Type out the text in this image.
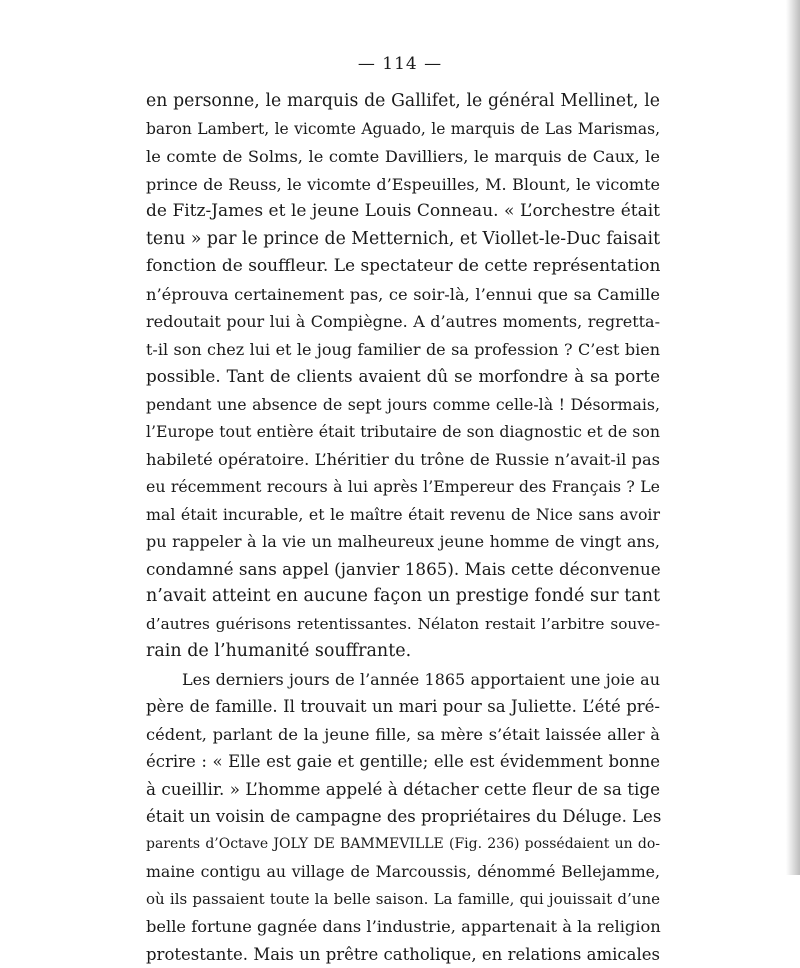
— 114 —
en personne, le marquis de Gallifet, le général Mellinet, le
baron Lambert, le vicomte Aguado, le marquis de Las Marismas,
le comte de Solms, le comte Davilliers, le marquis de Caux, le
prince de Reuss, le vicomte d’Espeuilles, M. Blount, le vicomte
de Fitz-James et le jeune Louis Conneau. « L’orchestre était
tenu » par le prince de Metternich, et Viollet-le-Duc faisait
fonction de souffleur. Le spectateur de cette représentation
n’éprouva certainement pas, ce soir-là, l’ennui que sa Camille
redoutait pour lui à Compiègne. A d’autres moments, regretta-
t-il son chez lui et le joug familier de sa profession ? C’est bien
possible. Tant de clients avaient dû se morfondre à sa porte
pendant une absence de sept jours comme celle-là ! Désormais,
l’Europe tout entière était tributaire de son diagnostic et de son
habileté opératoire. L’héritier du trône de Russie n’avait-il pas
eu récemment recours à lui après l’Empereur des Français ? Le
mal était incurable, et le maître était revenu de Nice sans avoir
pu rappeler à la vie un malheureux jeune homme de vingt ans,
condamné sans appel (janvier 1865). Mais cette déconvenue
n’avait atteint en aucune façon un prestige fondé sur tant
d’autres guérisons retentissantes. Nélaton restait l’arbitre souve-
rain de l’humanité souffrante.
Les derniers jours de l’année 1865 apportaient une joie au
père de famille. Il trouvait un mari pour sa Juliette. L’été pré-
cédent, parlant de la jeune fille, sa mère s’était laissée aller à
écrire : « Elle est gaie et gentille; elle est évidemment bonne
à cueillir. » L’homme appelé à détacher cette fleur de sa tige
était un voisin de campagne des propriétaires du Déluge. Les
parents d’Octave JOLY DE BAMMEVILLE (Fig. 236) possédaient un do-
maine contigu au village de Marcoussis, dénommé Bellejamme,
où ils passaient toute la belle saison. La famille, qui jouissait d’une
belle fortune gagnée dans l’industrie, appartenait à la religion
protestante. Mais un prêtre catholique, en relations amicales
